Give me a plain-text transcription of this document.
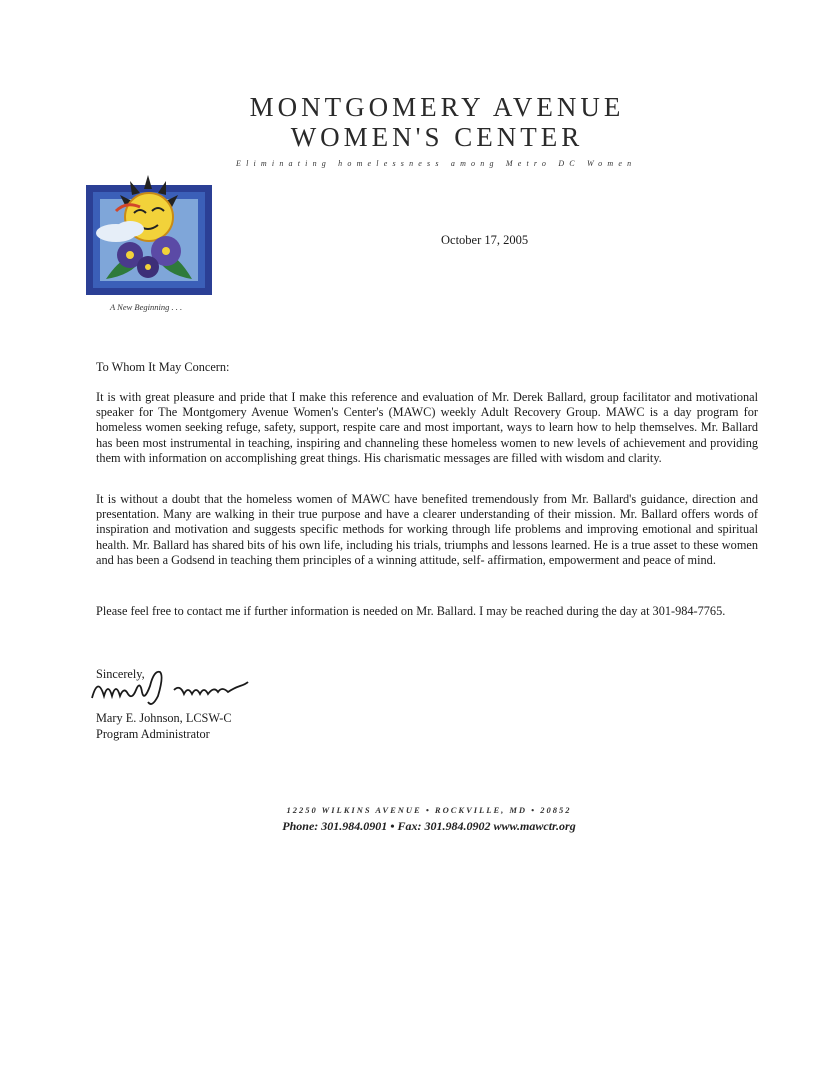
MONTGOMERY AVENUE
WOMEN'S CENTER
Eliminating homelessness among Metro DC Women
A New Beginning . . .
October 17, 2005

To Whom It May Concern:

It is with great pleasure and pride that I make this reference and evaluation of Mr. Derek Ballard, group facilitator and motivational speaker for The Montgomery Avenue Women's Center's (MAWC) weekly Adult Recovery Group. MAWC is a day program for homeless women seeking refuge, safety, support, respite care and most important, ways to learn how to help themselves. Mr. Ballard has been most instrumental in teaching, inspiring and channeling these homeless women to new levels of achievement and providing them with information on accomplishing great things. His charismatic messages are filled with wisdom and clarity.

It is without a doubt that the homeless women of MAWC have benefited tremendously from Mr. Ballard's guidance, direction and presentation. Many are walking in their true purpose and have a clearer understanding of their mission. Mr. Ballard offers words of inspiration and motivation and suggests specific methods for working through life problems and improving emotional and spiritual health. Mr. Ballard has shared bits of his own life, including his trials, triumphs and lessons learned. He is a true asset to these women and has been a Godsend in teaching them principles of a winning attitude, self- affirmation, empowerment and peace of mind.

Please feel free to contact me if further information is needed on Mr. Ballard. I may be reached during the day at 301-984-7765.

Sincerely,

Mary E. Johnson, LCSW-C

Program Administrator

12250 WILKINS AVENUE • ROCKVILLE, MD • 20852
Phone: 301.984.0901 • Fax: 301.984.0902 www.mawctr.org
